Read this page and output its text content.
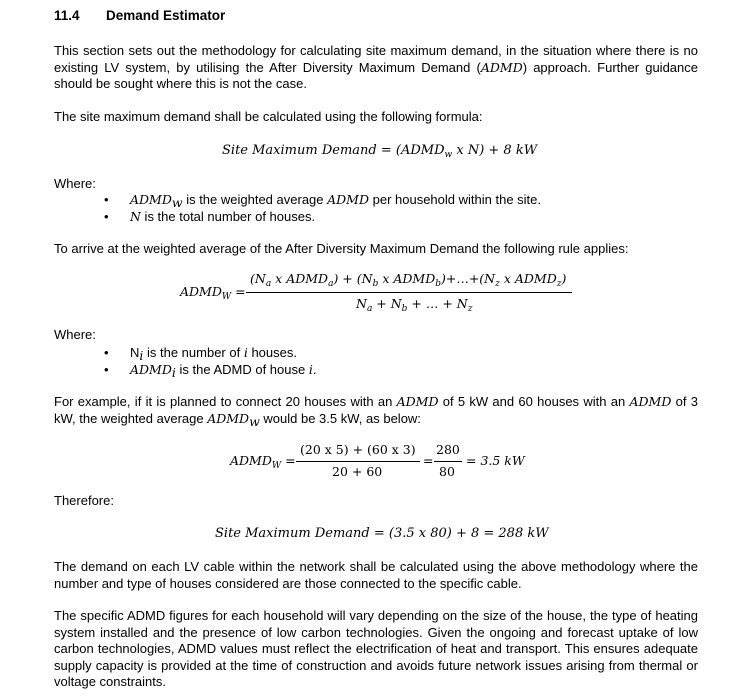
11.4 Demand Estimator

This section sets out the methodology for calculating site maximum demand, in the situation where there is no existing LV system, by utilising the After Diversity Maximum Demand (ADMD) approach. Further guidance should be sought where this is not the case.

The site maximum demand shall be calculated using the following formula:

Site Maximum Demand = ($ADMD_w$ x N) + 8 kW
Where:
• $ADMD_w$ is the weighted average ADMD per household within the site.
• N is the total number of houses.

To arrive at the weighted average of the After Diversity Maximum Demand the following rule applies:

$ADMD_W$ =
($N_a$ x $ADMD_a) + (N_b$ x $ADMD_b)+\dots+(N_z$ x $ADMD_z$)
$N_a + N_b$ + … + $N_z$
Where:
• $N_i$ is the number of i houses.
• $ADMD_i$ is the ADMD of house i.

For example, if it is planned to connect 20 houses with an ADMD of 5 kW and 60 houses with an ADMD of 3 kW, the weighted average $ADMD_w$ would be 3.5 kW, as below:

$ADMD_W$ =
(20 x 5) + (60 x 3)
20 + 60
=
280
80
= 3.5 kW
Therefore:
Site Maximum Demand = (3.5 x 80) + 8 = 288 kW

The demand on each LV cable within the network shall be calculated using the above methodology where the number and type of houses considered are those connected to the specific cable.

The specific ADMD figures for each household will vary depending on the size of the house, the type of heating system installed and the presence of low carbon technologies. Given the ongoing and forecast uptake of low carbon technologies, ADMD values must reflect the electrification of heat and transport. This ensures adequate supply capacity is provided at the time of construction and avoids future network issues arising from thermal or voltage constraints.
